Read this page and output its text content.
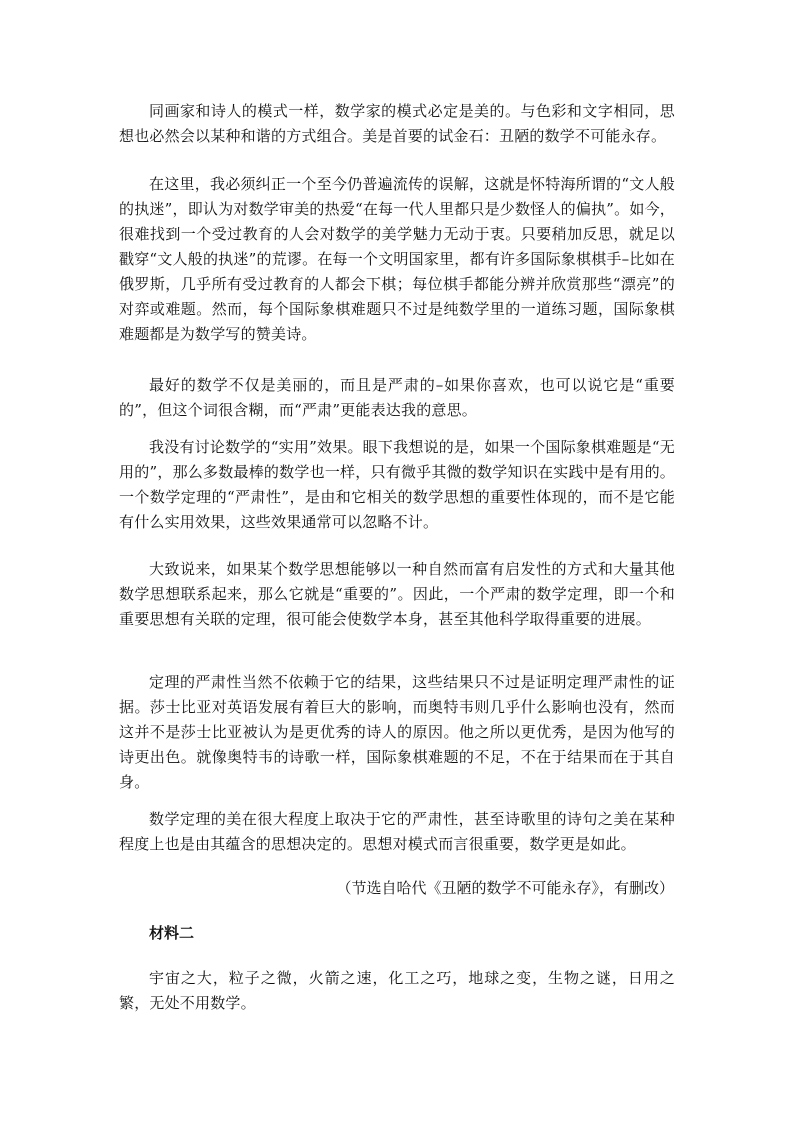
同画家和诗人的模式一样，数学家的模式必定是美的。与色彩和文字相同，思想也必然会以某种和谐的方式组合。美是首要的试金石：丑陋的数学不可能永存。

在这里，我必须纠正一个至今仍普遍流传的误解，这就是怀特海所谓的“文人般的执迷”，即认为对数学审美的热爱“在每一代人里都只是少数怪人的偏执”。如今，很难找到一个受过教育的人会对数学的美学魅力无动于衷。只要稍加反思，就足以戳穿“文人般的执迷”的荒谬。在每一个文明国家里，都有许多国际象棋棋手–比如在俄罗斯，几乎所有受过教育的人都会下棋；每位棋手都能分辨并欣赏那些“漂亮”的对弈或难题。然而，每个国际象棋难题只不过是纯数学里的一道练习题，国际象棋难题都是为数学写的赞美诗。

最好的数学不仅是美丽的，而且是严肃的–如果你喜欢，也可以说它是“重要的”，但这个词很含糊，而“严肃”更能表达我的意思。

我没有讨论数学的“实用”效果。眼下我想说的是，如果一个国际象棋难题是“无用的”，那么多数最棒的数学也一样，只有微乎其微的数学知识在实践中是有用的。一个数学定理的“严肃性”，是由和它相关的数学思想的重要性体现的，而不是它能有什么实用效果，这些效果通常可以忽略不计。

大致说来，如果某个数学思想能够以一种自然而富有启发性的方式和大量其他数学思想联系起来，那么它就是“重要的”。因此，一个严肃的数学定理，即一个和重要思想有关联的定理，很可能会使数学本身，甚至其他科学取得重要的进展。

定理的严肃性当然不依赖于它的结果，这些结果只不过是证明定理严肃性的证据。莎士比亚对英语发展有着巨大的影响，而奥特韦则几乎什么影响也没有，然而这并不是莎士比亚被认为是更优秀的诗人的原因。他之所以更优秀，是因为他写的诗更出色。就像奥特韦的诗歌一样，国际象棋难题的不足，不在于结果而在于其自身。

数学定理的美在很大程度上取决于它的严肃性，甚至诗歌里的诗句之美在某种程度上也是由其蕴含的思想决定的。思想对模式而言很重要，数学更是如此。

（节选自哈代《丑陋的数学不可能永存》，有删改）

材料二

宇宙之大，粒子之微，火箭之速，化工之巧，地球之变，生物之谜，日用之繁，无处不用数学。
